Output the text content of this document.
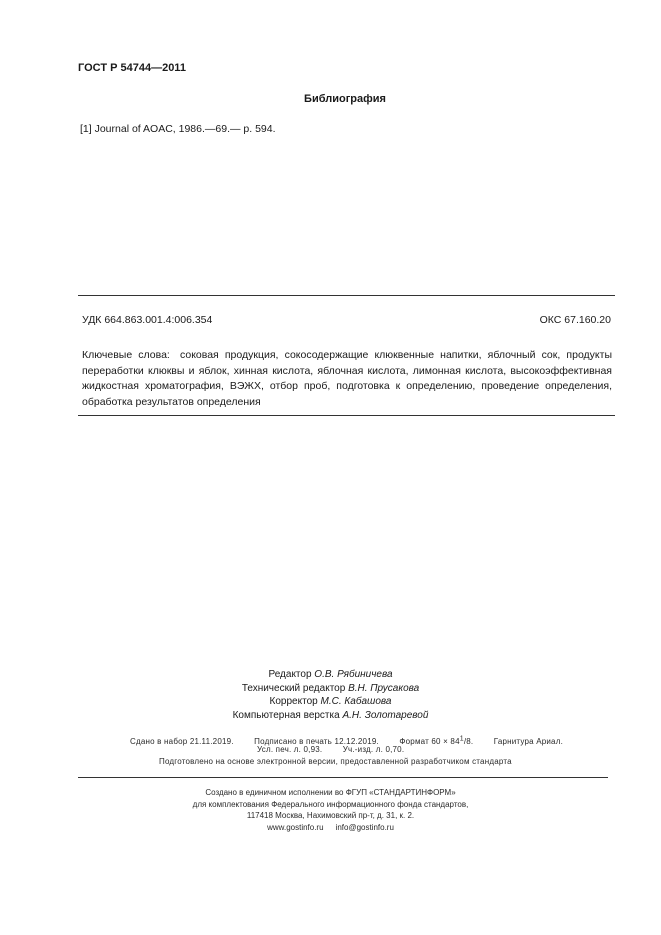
ГОСТ Р 54744—2011
Библиография
[1] Journal of AOAC, 1986.—69.— p. 594.
УДК 664.863.001.4:006.354	ОКС 67.160.20
Ключевые слова: соковая продукция, сокосодержащие клюквенные напитки, яблочный сок, продукты переработки клюквы и яблок, хинная кислота, яблочная кислота, лимонная кислота, высокоэффективная жидкостная хроматография, ВЭЖХ, отбор проб, подготовка к определению, проведение определения, обработка результатов определения
Редактор О.В. Рябиничева
Технический редактор В.Н. Прусакова
Корректор М.С. Кабашова
Компьютерная верстка А.Н. Золотаревой
Сдано в набор 21.11.2019.	Подписано в печать 12.12.2019.	Формат $60 \times 84^1/8$.	Гарнитура Ариал.
Усл. печ. л. 0,93.	Уч.-изд. л. 0,70.
Подготовлено на основе электронной версии, предоставленной разработчиком стандарта
Создано в единичном исполнении во ФГУП «СТАНДАРТИНФОРМ»
для комплектования Федерального информационного фонда стандартов,
117418 Москва, Нахимовский пр-т, д. 31, к. 2.
www.gostinfo.ru info@gostinfo.ru
